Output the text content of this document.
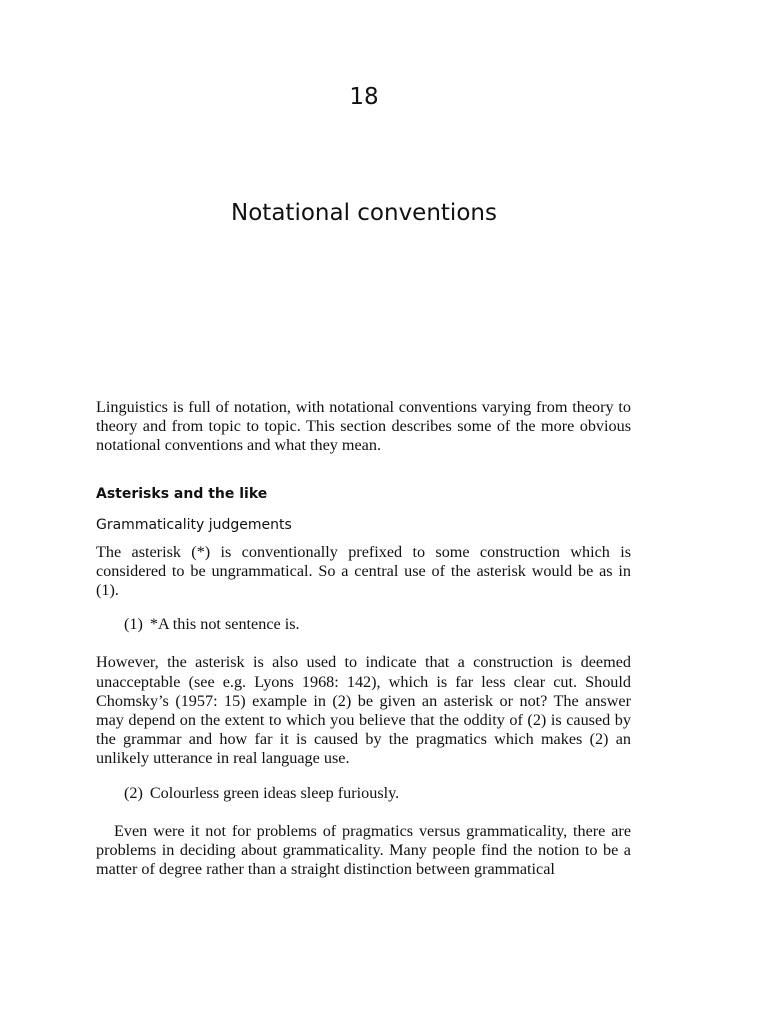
18
Notational conventions

Linguistics is full of notation, with notational conventions varying from theory to theory and from topic to topic. This section describes some of the more obvious notational conventions and what they mean.

Asterisks and the like
Grammaticality judgements

The asterisk (*) is conventionally prefixed to some construction which is considered to be ungrammatical. So a central use of the asterisk would be as in (1).

(1) *A this not sentence is.

However, the asterisk is also used to indicate that a construction is deemed unacceptable (see e.g. Lyons 1968: 142), which is far less clear cut. Should Chomsky’s (1957: 15) example in (2) be given an asterisk or not? The answer may depend on the extent to which you believe that the oddity of (2) is caused by the grammar and how far it is caused by the pragmatics which makes (2) an unlikely utterance in real language use.

(2) Colourless green ideas sleep furiously.

Even were it not for problems of pragmatics versus grammaticality, there are problems in deciding about grammaticality. Many people find the notion to be a matter of degree rather than a straight distinction between grammatical
